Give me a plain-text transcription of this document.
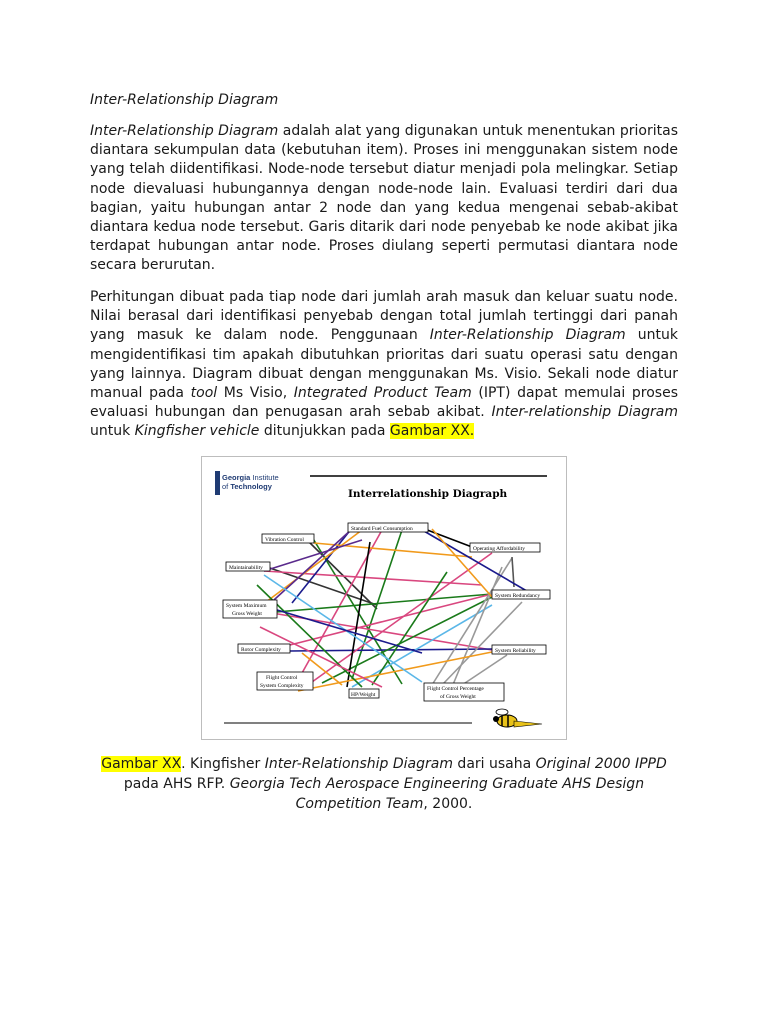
Inter-Relationship Diagram
Inter-Relationship Diagram adalah alat yang digunakan untuk menentukan prioritas diantara sekumpulan data (kebutuhan item). Proses ini menggunakan sistem node yang telah diidentifikasi. Node-node tersebut diatur menjadi pola melingkar. Setiap node dievaluasi hubungannya dengan node-node lain. Evaluasi terdiri dari dua bagian, yaitu hubungan antar 2 node dan yang kedua mengenai sebab-akibat diantara kedua node tersebut. Garis ditarik dari node penyebab ke node akibat jika terdapat hubungan antar node. Proses diulang seperti permutasi diantara node secara berurutan.
Perhitungan dibuat pada tiap node dari jumlah arah masuk dan keluar suatu node. Nilai berasal dari identifikasi penyebab dengan total jumlah tertinggi dari panah yang masuk ke dalam node. Penggunaan Inter-Relationship Diagram untuk mengidentifikasi tim apakah dibutuhkan prioritas dari suatu operasi satu dengan yang lainnya. Diagram dibuat dengan menggunakan Ms. Visio. Sekali node diatur manual pada tool Ms Visio, Integrated Product Team (IPT) dapat memulai proses evaluasi hubungan dan penugasan arah sebab akibat. Inter-relationship Diagram untuk Kingfisher vehicle ditunjukkan pada Gambar XX.
Georgia Institute
of Technology
Interrelationship Diagraph
Vibration Control
Standard Fuel Consumption
Maintainability
Operating Affordability
System Redundancy
System Maximum
Gross Weight
Rotor Complexity	System Reliability
Flight Control
System Complexity
HP/Weight
Flight Control Percentage
of Gross Weight
Gambar XX. Kingfisher Inter-Relationship Diagram dari usaha Original 2000 IPPD
pada AHS RFP. Georgia Tech Aerospace Engineering Graduate AHS Design Competition Team, 2000.
